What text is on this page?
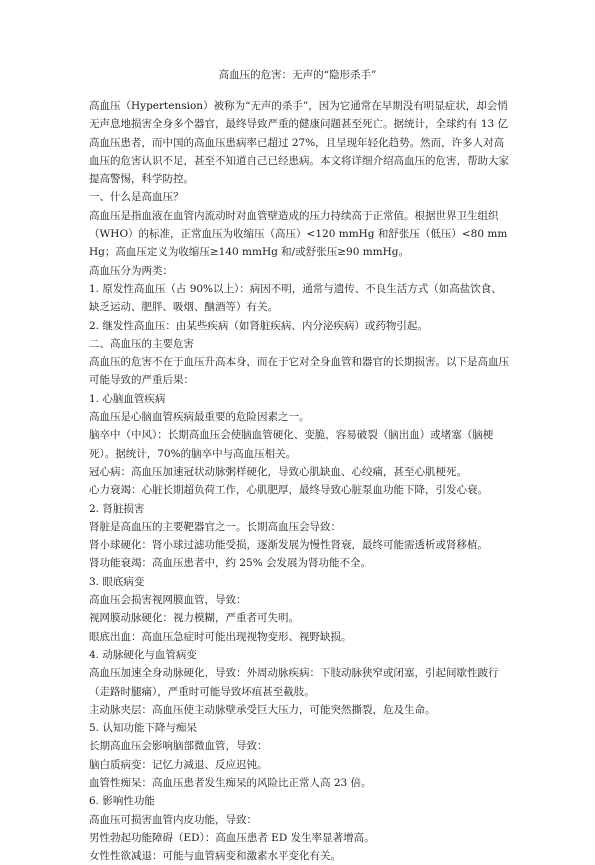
高血压的危害：无声的“隐形杀手”

高血压（Hypertension）被称为“无声的杀手”，因为它通常在早期没有明显症状，却会悄无声息地损害全身多个器官，最终导致严重的健康问题甚至死亡。据统计，全球约有 13 亿高血压患者，而中国的高血压患病率已超过 27%，且呈现年轻化趋势。然而，许多人对高血压的危害认识不足，甚至不知道自己已经患病。本文将详细介绍高血压的危害，帮助大家提高警惕，科学防控。

一、什么是高血压？

高血压是指血液在血管内流动时对血管壁造成的压力持续高于正常值。根据世界卫生组织（WHO）的标准，正常血压为收缩压（高压）<120 mmHg 和舒张压（低压）<80 mmHg；高血压定义为收缩压≥140 mmHg 和/或舒张压≥90 mmHg。

高血压分为两类：

1. 原发性高血压（占 90%以上）：病因不明，通常与遗传、不良生活方式（如高盐饮食、缺乏运动、肥胖、吸烟、酗酒等）有关。

2. 继发性高血压：由某些疾病（如肾脏疾病、内分泌疾病）或药物引起。

二、高血压的主要危害

高血压的危害不在于血压升高本身，而在于它对全身血管和器官的长期损害。以下是高血压可能导致的严重后果：

1. 心脑血管疾病

高血压是心脑血管疾病最重要的危险因素之一。

脑卒中（中风）：长期高血压会使脑血管硬化、变脆，容易破裂（脑出血）或堵塞（脑梗死）。据统计，70%的脑卒中与高血压相关。

冠心病：高血压加速冠状动脉粥样硬化，导致心肌缺血、心绞痛，甚至心肌梗死。

心力衰竭：心脏长期超负荷工作，心肌肥厚，最终导致心脏泵血功能下降，引发心衰。

2. 肾脏损害

肾脏是高血压的主要靶器官之一。长期高血压会导致：

肾小球硬化：肾小球过滤功能受损，逐渐发展为慢性肾衰，最终可能需透析或肾移植。

肾功能衰竭：高血压患者中，约 25% 会发展为肾功能不全。

3. 眼底病变

高血压会损害视网膜血管，导致：

视网膜动脉硬化：视力模糊，严重者可失明。

眼底出血：高血压急症时可能出现视物变形、视野缺损。

4. 动脉硬化与血管病变

高血压加速全身动脉硬化，导致：外周动脉疾病：下肢动脉狭窄或闭塞，引起间歇性跛行（走路时腿痛），严重时可能导致坏疽甚至截肢。

主动脉夹层：高血压使主动脉壁承受巨大压力，可能突然撕裂，危及生命。

5. 认知功能下降与痴呆

长期高血压会影响脑部微血管，导致：

脑白质病变：记忆力减退、反应迟钝。

血管性痴呆：高血压患者发生痴呆的风险比正常人高 23 倍。

6. 影响性功能

高血压可损害血管内皮功能，导致：

男性勃起功能障碍（ED）：高血压患者 ED 发生率显著增高。

女性性欲减退：可能与血管病变和激素水平变化有关。
